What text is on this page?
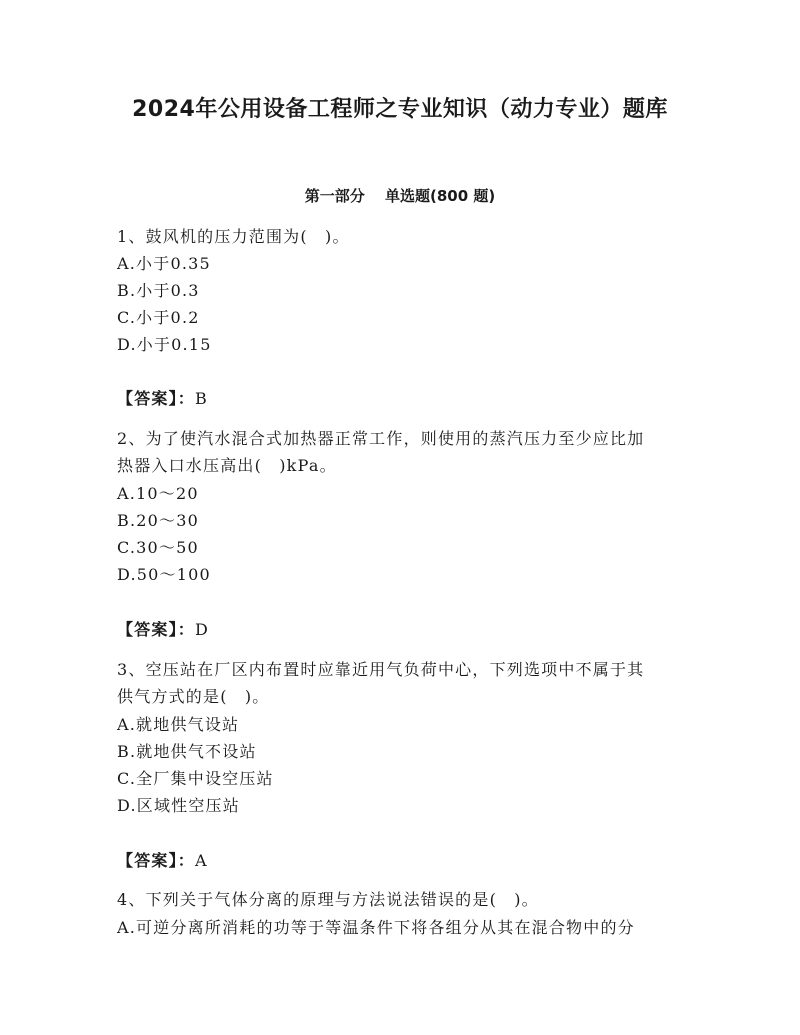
2024年公用设备工程师之专业知识（动力专业）题库
第一部分　 单选题(800 题)
1、鼓风机的压力范围为(　)。
A.小于0.35
B.小于0.3
C.小于0.2
D.小于0.15
【答案】：B
2、为了使汽水混合式加热器正常工作，则使用的蒸汽压力至少应比加
热器入口水压高出(　)kPa。
A.10～20
B.20～30
C.30～50
D.50～100
【答案】：D
3、空压站在厂区内布置时应靠近用气负荷中心，下列选项中不属于其
供气方式的是(　)。
A.就地供气设站
B.就地供气不设站
C.全厂集中设空压站
D.区域性空压站
【答案】：A
4、下列关于气体分离的原理与方法说法错误的是(　)。
A.可逆分离所消耗的功等于等温条件下将各组分从其在混合物中的分
